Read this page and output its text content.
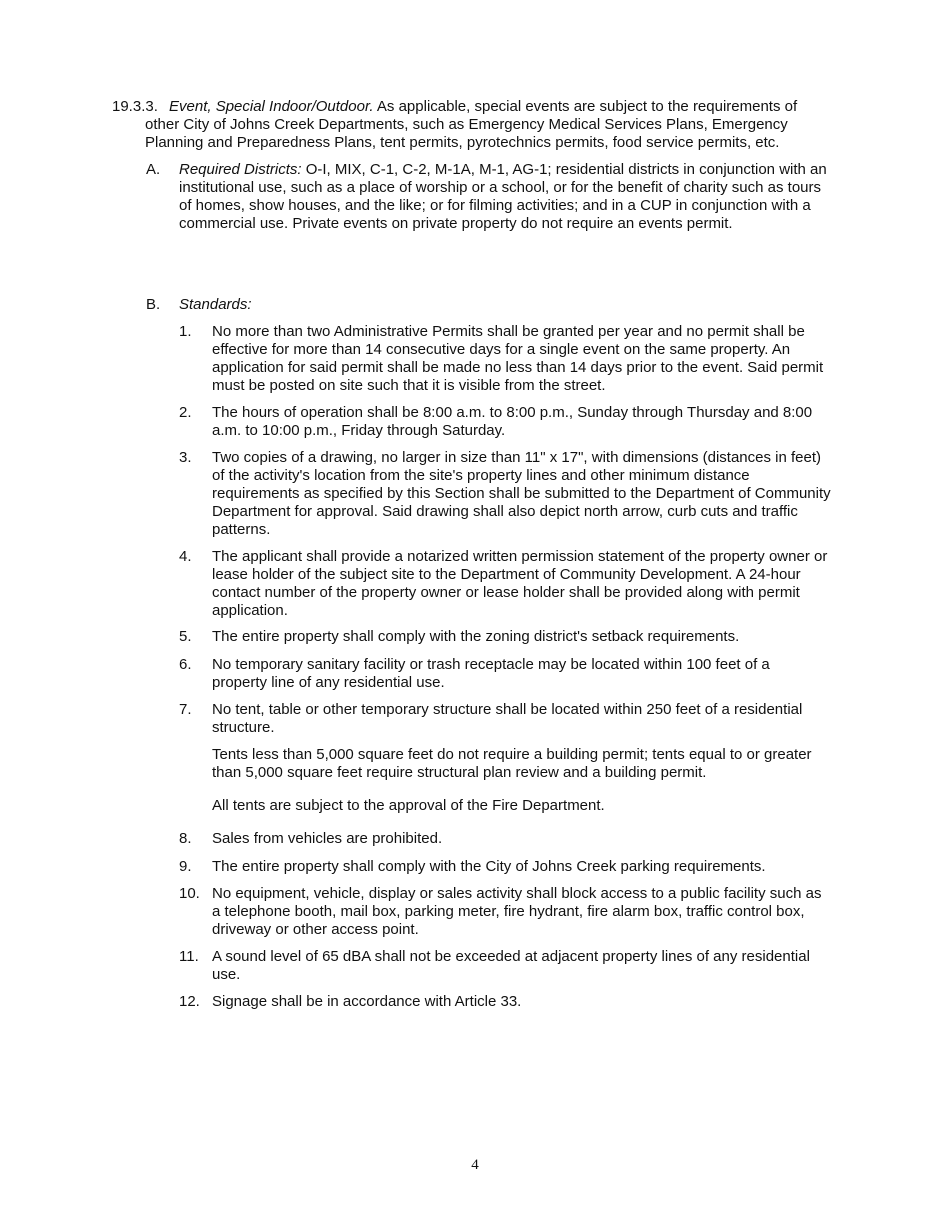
19.3.3. Event, Special Indoor/Outdoor. As applicable, special events are subject to the requirements of
other City of Johns Creek Departments, such as Emergency Medical Services Plans, Emergency Planning and Preparedness Plans, tent permits, pyrotechnics permits, food service permits, etc.
A. Required Districts: O-I, MIX, C-1, C-2, M-1A, M-1, AG-1; residential districts in conjunction with an institutional use, such as a place of worship or a school, or for the benefit of charity such as tours of homes, show houses, and the like; or for filming activities; and in a CUP in conjunction with a commercial use. Private events on private property do not require an events permit.
B. Standards:
1. No more than two Administrative Permits shall be granted per year and no permit shall be effective for more than 14 consecutive days for a single event on the same property. An application for said permit shall be made no less than 14 days prior to the event. Said permit must be posted on site such that it is visible from the street.
2. The hours of operation shall be 8:00 a.m. to 8:00 p.m., Sunday through Thursday and 8:00 a.m. to 10:00 p.m., Friday through Saturday.
3. Two copies of a drawing, no larger in size than 11" x 17", with dimensions (distances in feet) of the activity's location from the site's property lines and other minimum distance requirements as specified by this Section shall be submitted to the Department of Community Department for approval. Said drawing shall also depict north arrow, curb cuts and traffic patterns.
4. The applicant shall provide a notarized written permission statement of the property owner or lease holder of the subject site to the Department of Community Development. A 24-hour contact number of the property owner or lease holder shall be provided along with permit application.
5. The entire property shall comply with the zoning district's setback requirements.
6. No temporary sanitary facility or trash receptacle may be located within 100 feet of a property line of any residential use.
7. No tent, table or other temporary structure shall be located within 250 feet of a residential structure.
Tents less than 5,000 square feet do not require a building permit; tents equal to or greater than 5,000 square feet require structural plan review and a building permit.
All tents are subject to the approval of the Fire Department.
8. Sales from vehicles are prohibited.
9. The entire property shall comply with the City of Johns Creek parking requirements.
10. No equipment, vehicle, display or sales activity shall block access to a public facility such as a telephone booth, mail box, parking meter, fire hydrant, fire alarm box, traffic control box, driveway or other access point.
11. A sound level of 65 dBA shall not be exceeded at adjacent property lines of any residential use.
12. Signage shall be in accordance with Article 33.
4
